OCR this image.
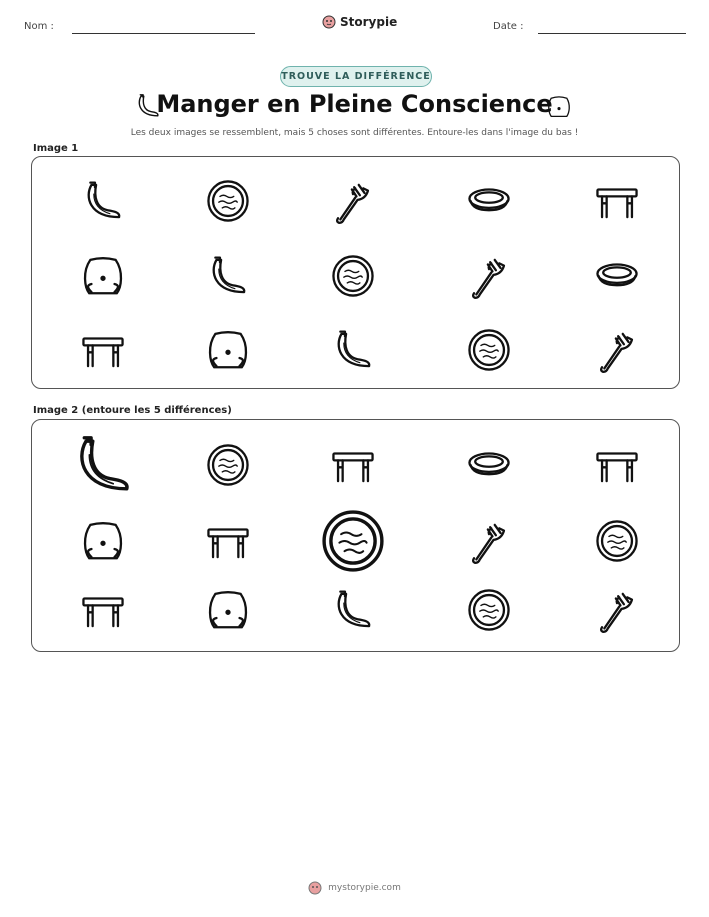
Nom :	Storypie	Date :
TROUVE LA DIFFÉRENCE
Manger en Pleine Conscience
Les deux images se ressemblent, mais 5 choses sont différentes. Entoure-les dans l'image du bas !
Image 1
Image 2 (entoure les 5 différences)
mystorypie.com
